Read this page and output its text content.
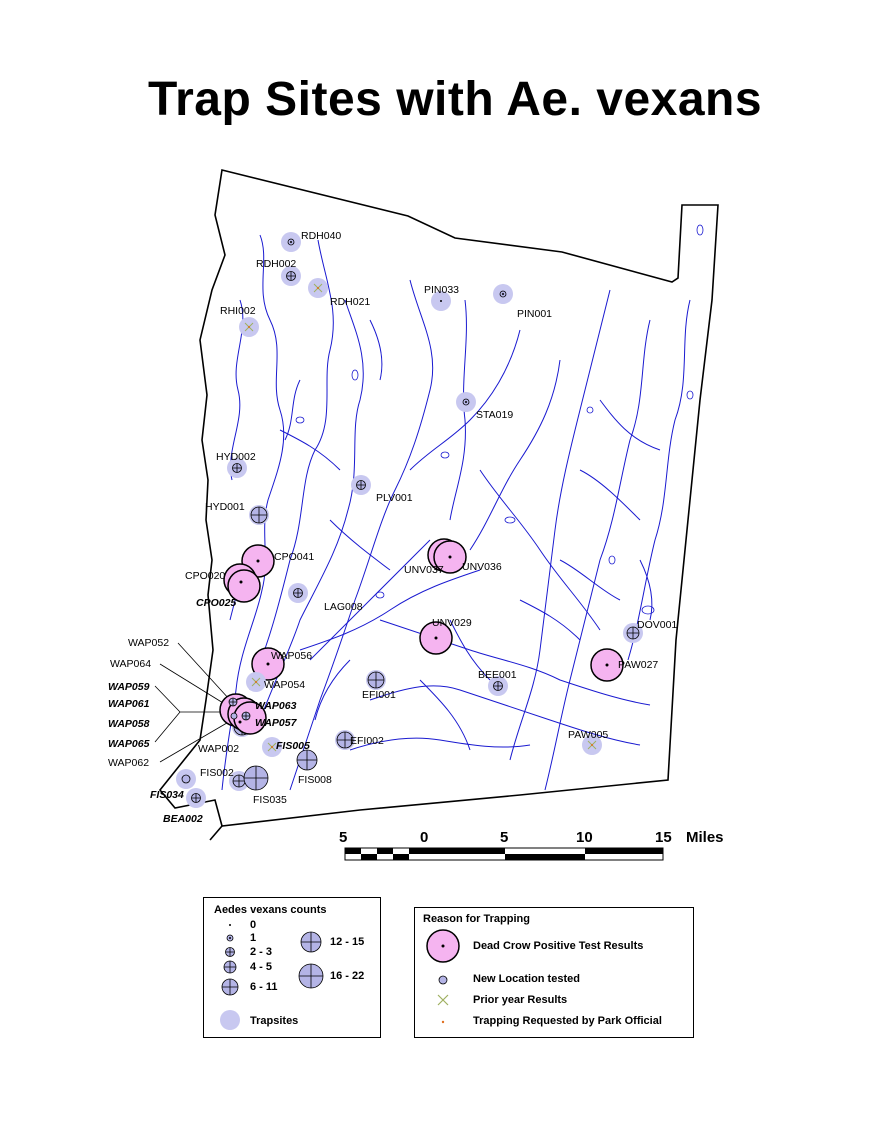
Trap Sites with Ae. vexans
RDH040
RDH002
RDH021
RHI002
PIN033
PIN001
STA019
HYD002
PLV001
HYD001
CPO041
CPO020
CPO025	LAG008
UNV037 UNV036
UNV029	DOV001
PAW027
WAP056
WAP054
EFI001
BEE001
WAP063
WAP057
WAP002	FIS005	EFI002	PAW005
FIS002
FIS008
FIS035
FIS034
BEA002
WAP052
WAP064
WAP059
WAP061
WAP058
WAP065
WAP062
5	0	5	10	15 Miles
Aedes vexans counts
0
1
2 - 3
4 - 5
6 - 11
12 - 15
16 - 22
Trapsites
Reason for Trapping
Dead Crow Positive Test Results
New Location tested
Prior year Results
Trapping Requested by Park Official
